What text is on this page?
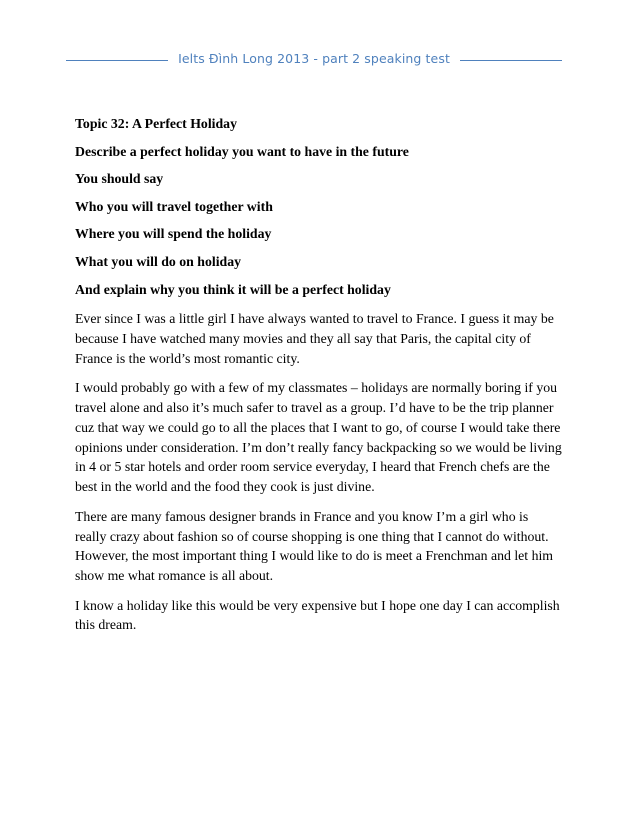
Ielts Đình Long 2013 - part 2 speaking test
Topic 32: A Perfect Holiday
Describe a perfect holiday you want to have in the future
You should say
Who you will travel together with
Where you will spend the holiday
What you will do on holiday
And explain why you think it will be a perfect holiday

Ever since I was a little girl I have always wanted to travel to France. I guess it may be because I have watched many movies and they all say that Paris, the capital city of France is the world’s most romantic city.

I would probably go with a few of my classmates – holidays are normally boring if you travel alone and also it’s much safer to travel as a group. I’d have to be the trip planner cuz that way we could go to all the places that I want to go, of course I would take there opinions under consideration. I’m don’t really fancy backpacking so we would be living in 4 or 5 star hotels and order room service everyday, I heard that French chefs are the best in the world and the food they cook is just divine.

There are many famous designer brands in France and you know I’m a girl who is really crazy about fashion so of course shopping is one thing that I cannot do without. However, the most important thing I would like to do is meet a Frenchman and let him show me what romance is all about.

I know a holiday like this would be very expensive but I hope one day I can accomplish this dream.
